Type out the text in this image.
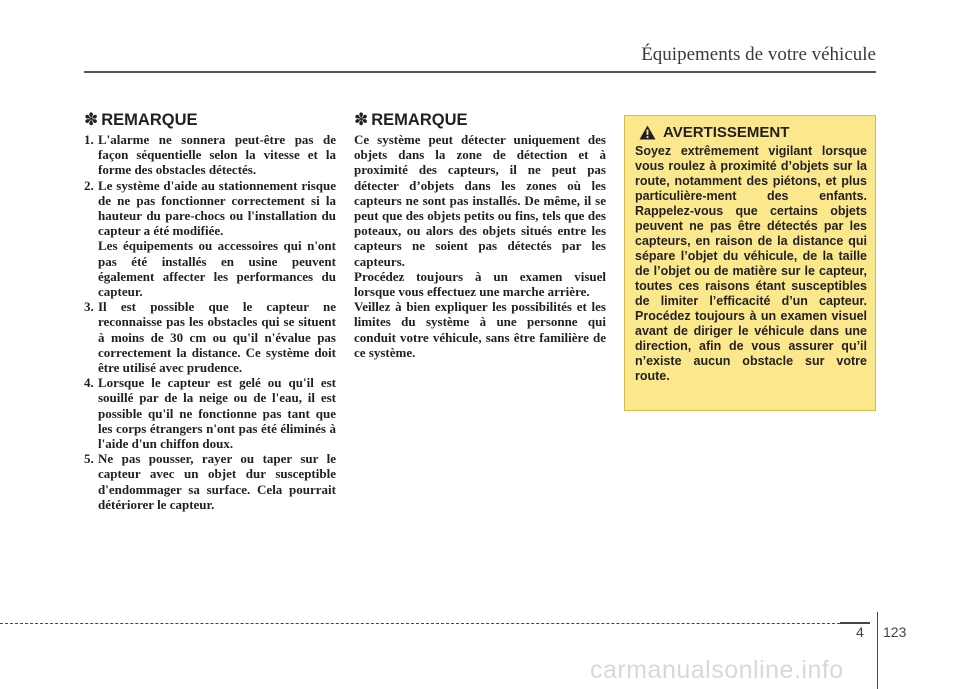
Équipements de votre véhicule
✽ REMARQUE
1. L'alarme ne sonnera peut-être pas de façon séquentielle selon la vitesse et la forme des obstacles détectés.

2. Le système d'aide au stationnement risque de ne pas fonctionner correctement si la hauteur du pare-chocs ou l'installation du capteur a été modifiée.

Les équipements ou accessoires qui n'ont pas été installés en usine peuvent également affecter les performances du capteur.

3. Il est possible que le capteur ne reconnaisse pas les obstacles qui se situent à moins de 30 cm ou qu'il n'évalue pas correctement la distance. Ce système doit être utilisé avec prudence.

4. Lorsque le capteur est gelé ou qu'il est souillé par de la neige ou de l'eau, il est possible qu'il ne fonctionne pas tant que les corps étrangers n'ont pas été éliminés à l'aide d'un chiffon doux.

5. Ne pas pousser, rayer ou taper sur le capteur avec un objet dur susceptible d'endommager sa surface. Cela pourrait détériorer le capteur.

✽ REMARQUE

Ce système peut détecter uniquement des objets dans la zone de détection et à proximité des capteurs, il ne peut pas détecter d’objets dans les zones où les capteurs ne sont pas installés. De même, il se peut que des objets petits ou fins, tels que des poteaux, ou alors des objets situés entre les capteurs ne soient pas détectés par les capteurs.

Procédez toujours à un examen visuel lorsque vous effectuez une marche arrière.

Veillez à bien expliquer les possibilités et les limites du système à une personne qui conduit votre véhicule, sans être familière de ce système.

AVERTISSEMENT

Soyez extrêmement vigilant lorsque vous roulez à proximité d’objets sur la route, notamment des piétons, et plus particulière-ment des enfants. Rappelez-vous que certains objets peuvent ne pas être détectés par les capteurs, en raison de la distance qui sépare l’objet du véhicule, de la taille de l’objet ou de matière sur le capteur, toutes ces raisons étant susceptibles de limiter l’efficacité d’un capteur. Procédez toujours à un examen visuel avant de diriger le véhicule dans une direction, afin de vous assurer qu’il n’existe aucun obstacle sur votre route.

4 123
carmanualsonline.info
